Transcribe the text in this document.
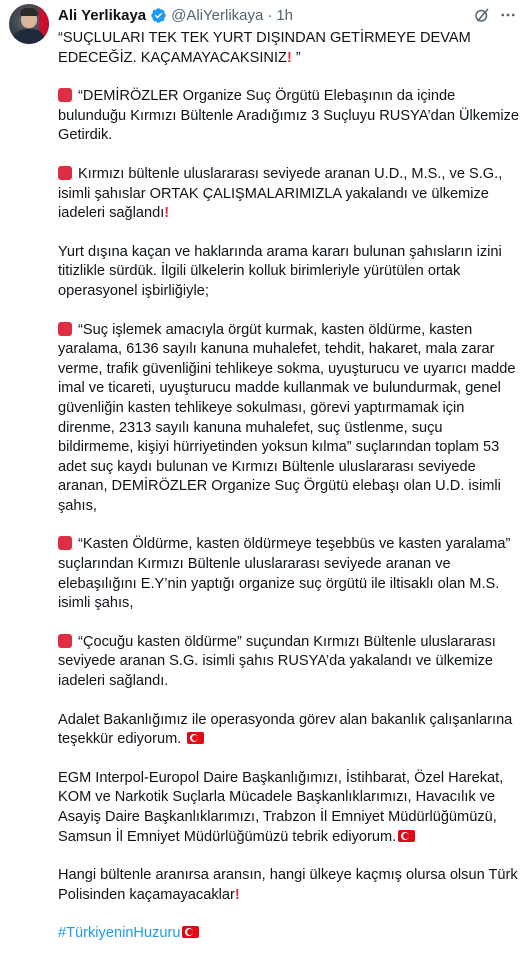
Ali Yerlikaya @AliYerlikaya · 1h

“SUÇLULARI TEK TEK YURT DIŞINDAN GETİRMEYE DEVAM EDECEĞİZ. KAÇAMAYACAKSINIZ! ”

“DEMİRÖZLER Organize Suç Örgütü Elebaşının da içinde bulunduğu Kırmızı Bültenle Aradığımız 3 Suçluyu RUSYA’dan Ülkemize Getirdik.

Kırmızı bültenle uluslararası seviyede aranan U.D., M.S., ve S.G., isimli şahıslar ORTAK ÇALIŞMALARIMIZLA yakalandı ve ülkemize iadeleri sağlandı!

Yurt dışına kaçan ve haklarında arama kararı bulunan şahısların izini titizlikle sürdük. İlgili ülkelerin kolluk birimleriyle yürütülen ortak operasyonel işbirliğiyle;

“Suç işlemek amacıyla örgüt kurmak, kasten öldürme, kasten yaralama, 6136 sayılı kanuna muhalefet, tehdit, hakaret, mala zarar verme, trafik güvenliğini tehlikeye sokma, uyuşturucu ve uyarıcı madde imal ve ticareti, uyuşturucu madde kullanmak ve bulundurmak, genel güvenliğin kasten tehlikeye sokulması, görevi yaptırmamak için direnme, 2313 sayılı kanuna muhalefet, suç üstlenme, suçu bildirmeme, kişiyi hürriyetinden yoksun kılma” suçlarından toplam 53 adet suç kaydı bulunan ve Kırmızı Bültenle uluslararası seviyede aranan, DEMİRÖZLER Organize Suç Örgütü elebaşı olan U.D. isimli şahıs,

“Kasten Öldürme, kasten öldürmeye teşebbüs ve kasten yaralama” suçlarından Kırmızı Bültenle uluslararası seviyede aranan ve elebaşılığını E.Y’nin yaptığı organize suç örgütü ile iltisaklı olan M.S. isimli şahıs,

“Çocuğu kasten öldürme” suçundan Kırmızı Bültenle uluslararası seviyede aranan S.G. isimli şahıs RUSYA’da yakalandı ve ülkemize iadeleri sağlandı.

Adalet Bakanlığımız ile operasyonda görev alan bakanlık çalışanlarına teşekkür ediyorum.

EGM Interpol-Europol Daire Başkanlığımızı, İstihbarat, Özel Harekat, KOM ve Narkotik Suçlarla Mücadele Başkanlıklarımızı, Havacılık ve Asayiş Daire Başkanlıklarımızı, Trabzon İl Emniyet Müdürlüğümüzü, Samsun İl Emniyet Müdürlüğümüzü tebrik ediyorum.

Hangi bültenle aranırsa aransın, hangi ülkeye kaçmış olursa olsun Türk Polisinden kaçamayacaklar!

#TürkiyeninHuzuru
